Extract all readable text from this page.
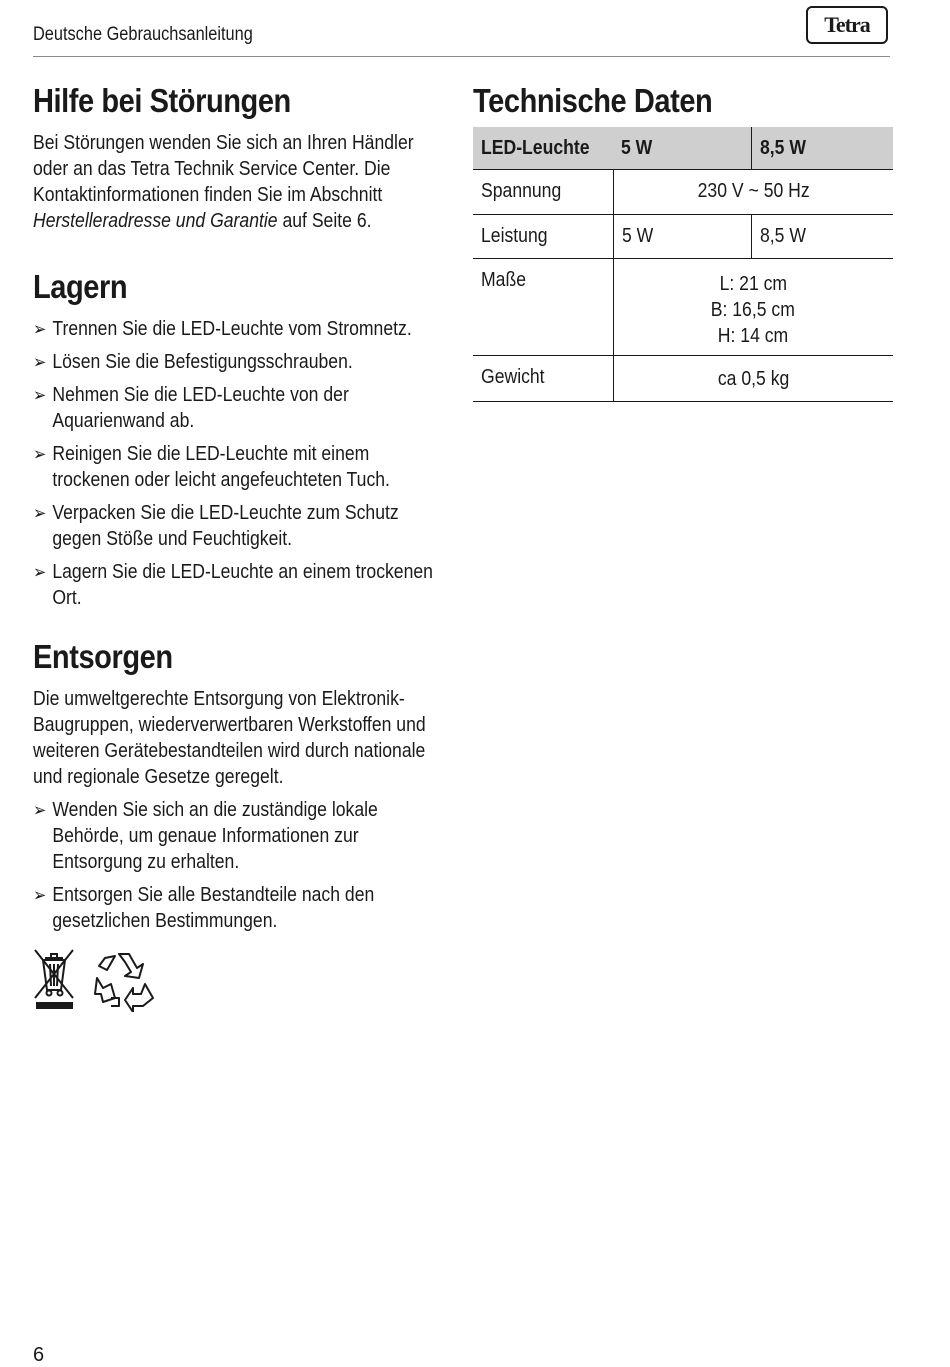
Deutsche Gebrauchsanleitung	Tetra
Hilfe bei Störungen

Bei Störungen wenden Sie sich an Ihren Händler oder an das Tetra Technik Service Center. Die Kontaktinformationen finden Sie im Abschnitt Herstelleradresse und Garantie auf Seite 6.

Lagern
➢ Trennen Sie die LED-Leuchte vom Stromnetz.
➢ Lösen Sie die Befestigungsschrauben.
➢ Nehmen Sie die LED-Leuchte von der Aquarienwand ab.
➢ Reinigen Sie die LED-Leuchte mit einem trockenen oder leicht angefeuchteten Tuch.
➢ Verpacken Sie die LED-Leuchte zum Schutz gegen Stöße und Feuchtigkeit.
➢ Lagern Sie die LED-Leuchte an einem trockenen Ort.
Entsorgen

Die umweltgerechte Entsorgung von Elektronik-Baugruppen, wiederverwertbaren Werkstoffen und weiteren Gerätebestandteilen wird durch nationale und regionale Gesetze geregelt.

➢ Wenden Sie sich an die zuständige lokale Behörde, um genaue Informationen zur Entsorgung zu erhalten.
➢ Entsorgen Sie alle Bestandteile nach den gesetzlichen Bestimmungen.
Technische Daten
LED-Leuchte	5 W	8,5 W
Spannung	230 V ~ 50 Hz	
Leistung	5 W	8,5 W
Maße	L: 21 cm
B: 16,5 cm
H: 14 cm	

Gewicht	ca 0,5 kg	
6
